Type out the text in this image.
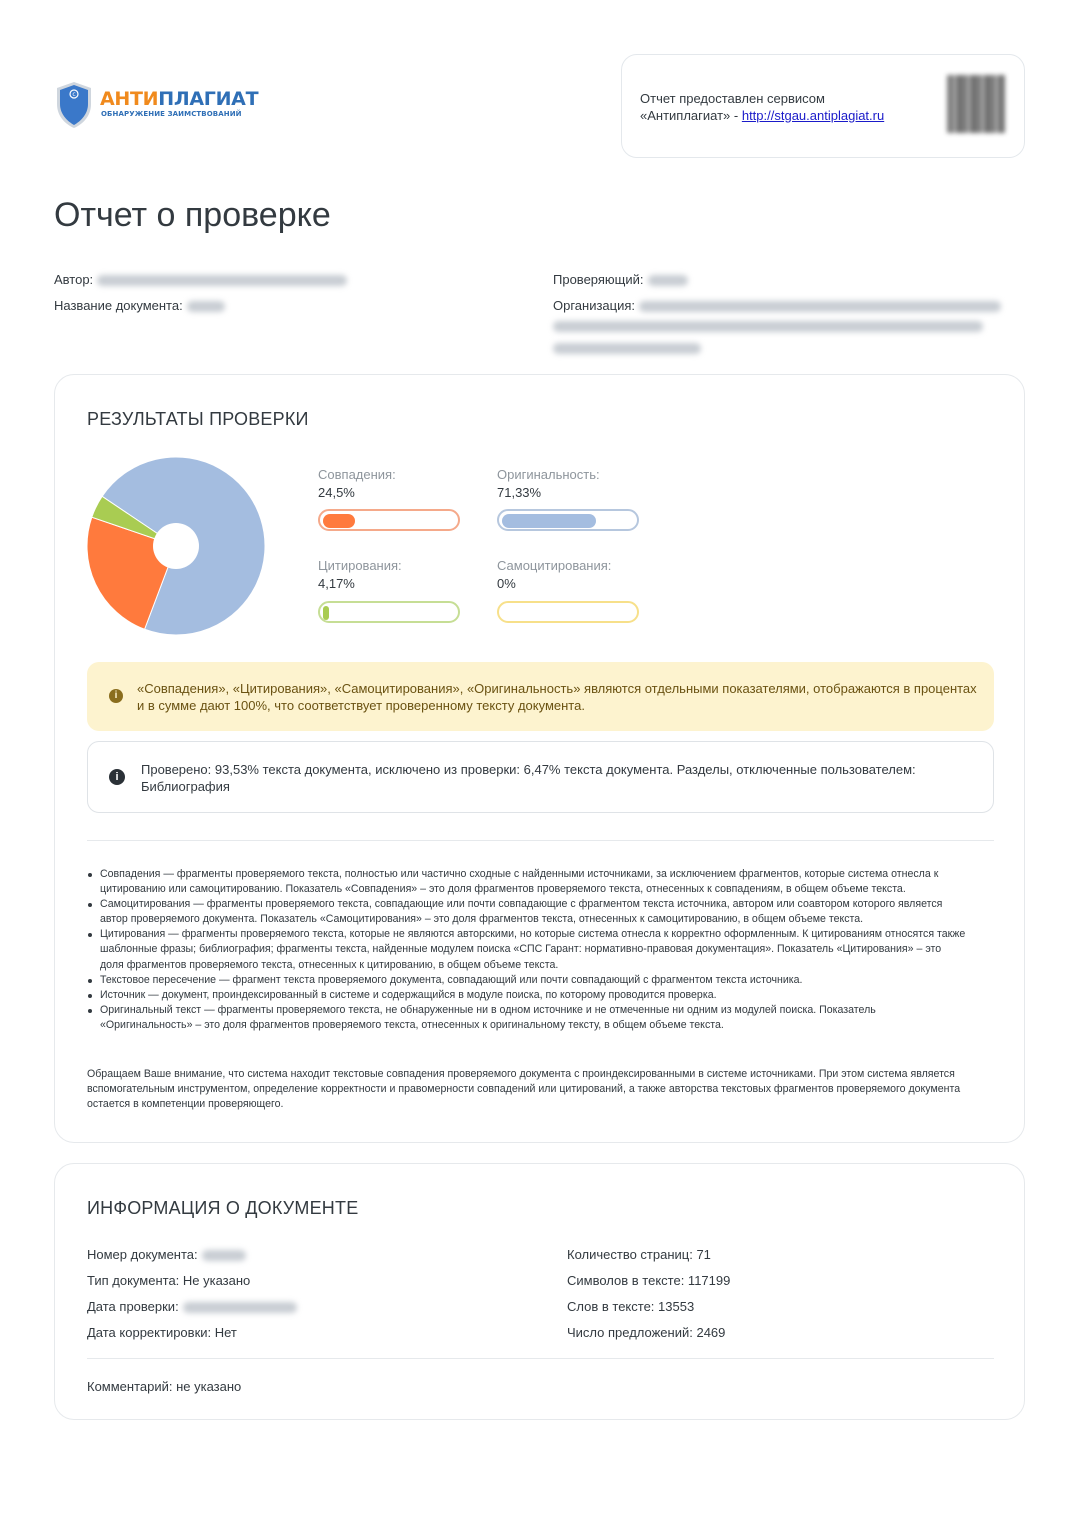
c АНТИПЛАГИАТ
ОБНАРУЖЕНИЕ ЗАИМСТВОВАНИЙ
Отчет предоставлен сервисом
«Антиплагиат» - http://stgau.antiplagiat.ru
Отчет о проверке
Автор:
Название документа:
Проверяющий:
Организация:

РЕЗУЛЬТАТЫ ПРОВЕРКИ
Совпадения:
24,5%
Оригинальность:
71,33%
Цитирования:
4,17%
Самоцитирования:
0%
i	«Совпадения», «Цитирования», «Самоцитирования», «Оригинальность» являются отдельными показателями, отображаются в процентах и в сумме дают 100%, что соответствует проверенному тексту документа.
i	Проверено: 93,53% текста документа, исключено из проверки: 6,47% текста документа. Разделы, отключенные пользователем: Библиография
Совпадения — фрагменты проверяемого текста, полностью или частично сходные с найденными источниками, за исключением фрагментов, которые система отнесла к цитированию или самоцитированию. Показатель «Совпадения» – это доля фрагментов проверяемого текста, отнесенных к совпадениям, в общем объеме текста.
Самоцитирования — фрагменты проверяемого текста, совпадающие или почти совпадающие с фрагментом текста источника, автором или соавтором которого является автор проверяемого документа. Показатель «Самоцитирования» – это доля фрагментов текста, отнесенных к самоцитированию, в общем объеме текста.
Цитирования — фрагменты проверяемого текста, которые не являются авторскими, но которые система отнесла к корректно оформленным. К цитированиям относятся также шаблонные фразы; библиография; фрагменты текста, найденные модулем поиска «СПС Гарант: нормативно-правовая документация». Показатель «Цитирования» – это доля фрагментов проверяемого текста, отнесенных к цитированию, в общем объеме текста.
Текстовое пересечение — фрагмент текста проверяемого документа, совпадающий или почти совпадающий с фрагментом текста источника.
Источник — документ, проиндексированный в системе и содержащийся в модуле поиска, по которому проводится проверка.
Оригинальный текст — фрагменты проверяемого текста, не обнаруженные ни в одном источнике и не отмеченные ни одним из модулей поиска. Показатель «Оригинальность» – это доля фрагментов проверяемого текста, отнесенных к оригинальному тексту, в общем объеме текста.
Обращаем Ваше внимание, что система находит текстовые совпадения проверяемого документа с проиндексированными в системе источниками. При этом система является вспомогательным инструментом, определение корректности и правомерности совпадений или цитирований, а также авторства текстовых фрагментов проверяемого документа остается в компетенции проверяющего.
ИНФОРМАЦИЯ О ДОКУМЕНТЕ
Номер документа:
Тип документа: Не указано
Дата проверки:
Дата корректировки: Нет
Количество страниц: 71
Символов в тексте: 117199
Слов в тексте: 13553
Число предложений: 2469
Комментарий: не указано
